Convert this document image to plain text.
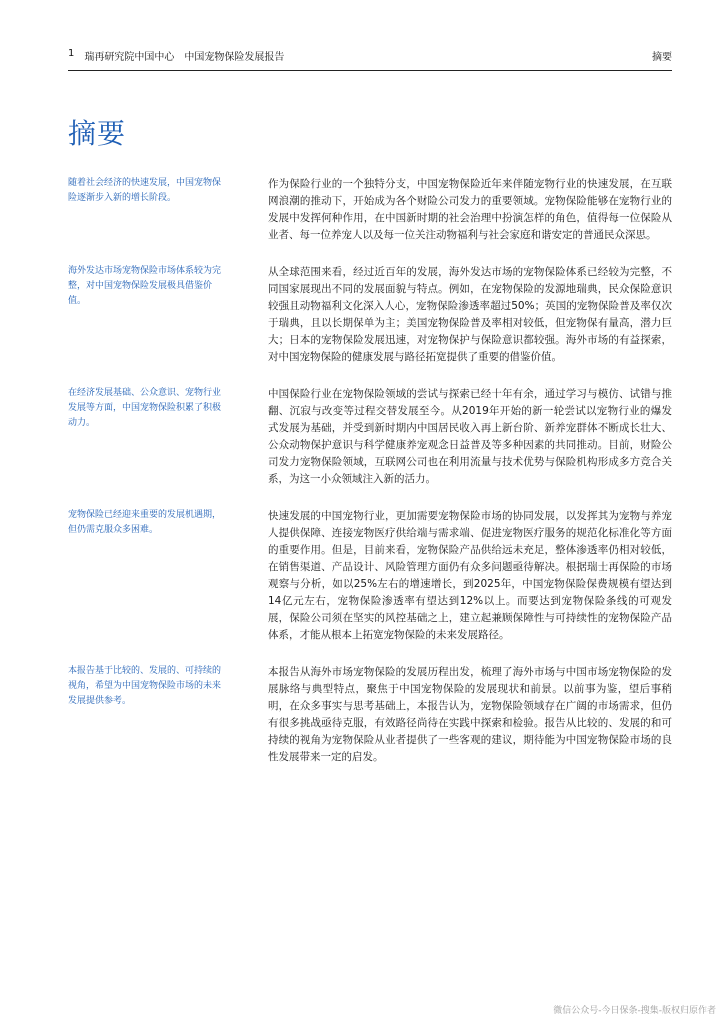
1 瑞再研究院中国中心 中国宠物保险发展报告	摘要
摘要
随着社会经济的快速发展，中国宠物保险逐渐步入新的增长阶段。
作为保险行业的一个独特分支，中国宠物保险近年来伴随宠物行业的快速发展，在互联网浪潮的推动下，开始成为各个财险公司发力的重要领域。宠物保险能够在宠物行业的发展中发挥何种作用，在中国新时期的社会治理中扮演怎样的角色，值得每一位保险从业者、每一位养宠人以及每一位关注动物福利与社会家庭和谐安定的普通民众深思。
海外发达市场宠物保险市场体系较为完整，对中国宠物保险发展极具借鉴价值。
从全球范围来看，经过近百年的发展，海外发达市场的宠物保险体系已经较为完整，不同国家展现出不同的发展面貌与特点。例如，在宠物保险的发源地瑞典，民众保险意识较强且动物福利文化深入人心，宠物保险渗透率超过50%；英国的宠物保险普及率仅次于瑞典，且以长期保单为主；美国宠物保险普及率相对较低，但宠物保有量高，潜力巨大；日本的宠物保险发展迅速，对宠物保护与保险意识都较强。海外市场的有益探索，对中国宠物保险的健康发展与路径拓宽提供了重要的借鉴价值。
在经济发展基础、公众意识、宠物行业发展等方面，中国宠物保险积累了积极动力。
中国保险行业在宠物保险领域的尝试与探索已经十年有余，通过学习与模仿、试错与推翻、沉寂与改变等过程交替发展至今。从2019年开始的新一轮尝试以宠物行业的爆发式发展为基础，并受到新时期内中国居民收入再上新台阶、新养宠群体不断成长壮大、公众动物保护意识与科学健康养宠观念日益普及等多种因素的共同推动。目前，财险公司发力宠物保险领域，互联网公司也在利用流量与技术优势与保险机构形成多方竞合关系，为这一小众领域注入新的活力。
宠物保险已经迎来重要的发展机遇期，但仍需克服众多困难。
快速发展的中国宠物行业，更加需要宠物保险市场的协同发展，以发挥其为宠物与养宠人提供保障、连接宠物医疗供给端与需求端、促进宠物医疗服务的规范化标准化等方面的重要作用。但是，目前来看，宠物保险产品供给远未充足，整体渗透率仍相对较低，在销售渠道、产品设计、风险管理方面仍有众多问题亟待解决。根据瑞士再保险的市场观察与分析，如以25%左右的增速增长，到2025年，中国宠物保险保费规模有望达到14亿元左右，宠物保险渗透率有望达到12%以上。而要达到宠物保险条线的可观发展，保险公司须在坚实的风控基础之上，建立起兼顾保障性与可持续性的宠物保险产品体系，才能从根本上拓宽宠物保险的未来发展路径。
本报告基于比较的、发展的、可持续的视角，希望为中国宠物保险市场的未来发展提供参考。
本报告从海外市场宠物保险的发展历程出发，梳理了海外市场与中国市场宠物保险的发展脉络与典型特点，聚焦于中国宠物保险的发展现状和前景。以前事为鉴，望后事稍明，在众多事实与思考基础上，本报告认为，宠物保险领域存在广阔的市场需求，但仍有很多挑战亟待克服，有效路径尚待在实践中探索和检验。报告从比较的、发展的和可持续的视角为宠物保险从业者提供了一些客观的建议，期待能为中国宠物保险市场的良性发展带来一定的启发。
微信公众号-今日保条-搜集-版权归原作者
